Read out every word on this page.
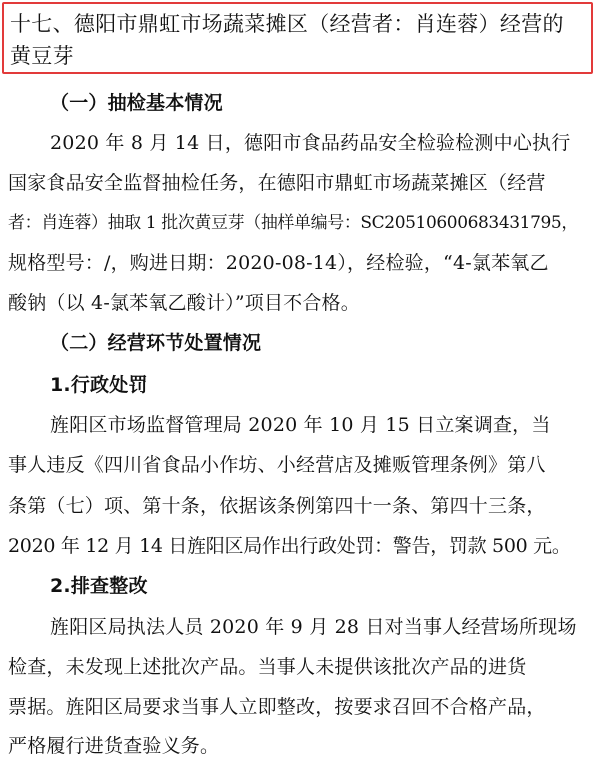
十七、德阳市鼎虹市场蔬菜摊区（经营者：肖连蓉）经营的
黄豆芽
（一）抽检基本情况
2020 年 8 月 14 日，德阳市食品药品安全检验检测中心执行
国家食品安全监督抽检任务，在德阳市鼎虹市场蔬菜摊区（经营
者：肖连蓉）抽取 1 批次黄豆芽（抽样单编号：SC20510600683431795，
规格型号：/，购进日期：2020-08-14），经检验，“4-氯苯氧乙
酸钠（以 4-氯苯氧乙酸计）”项目不合格。
（二）经营环节处置情况
1.行政处罚
旌阳区市场监督管理局 2020 年 10 月 15 日立案调查，当
事人违反《四川省食品小作坊、小经营店及摊贩管理条例》第八
条第（七）项、第十条，依据该条例第四十一条、第四十三条，
2020 年 12 月 14 日旌阳区局作出行政处罚：警告，罚款 500 元。
2.排查整改
旌阳区局执法人员 2020 年 9 月 28 日对当事人经营场所现场
检查，未发现上述批次产品。当事人未提供该批次产品的进货
票据。旌阳区局要求当事人立即整改，按要求召回不合格产品，
严格履行进货查验义务。
